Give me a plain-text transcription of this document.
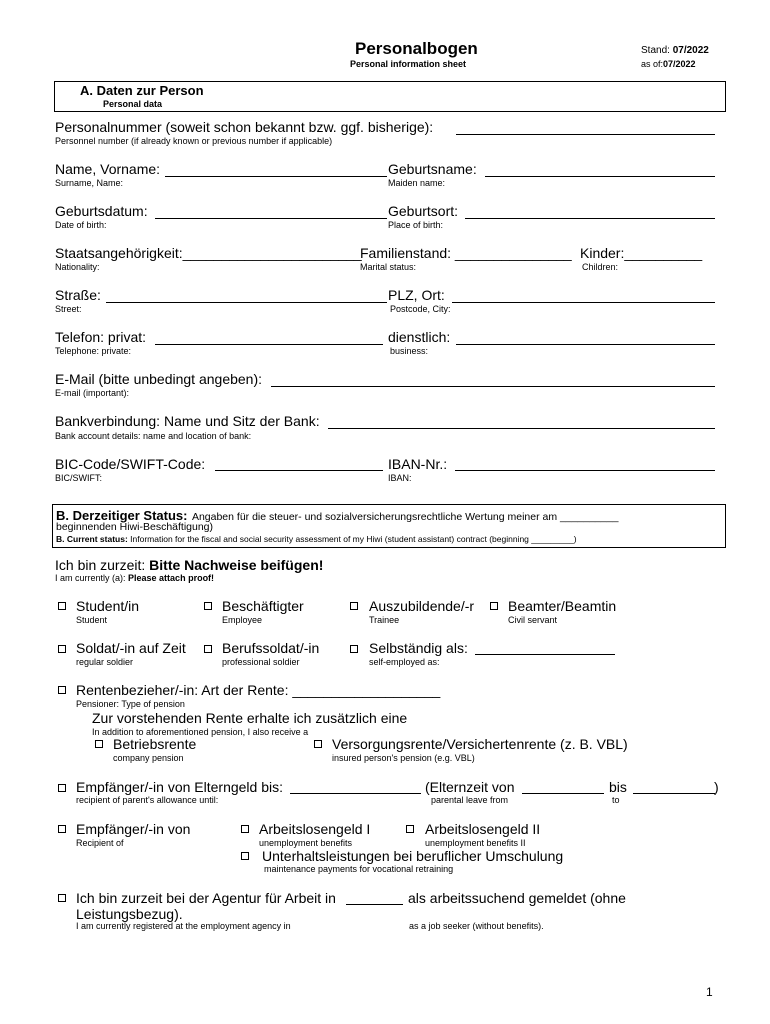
Personalbogen
Personal information sheet
Stand: 07/2022
as of:07/2022
A. Daten zur Person
Personal data
Personalnummer (soweit schon bekannt bzw. ggf. bisherige):
Personnel number (if already known or previous number if applicable)
Name, Vorname:
Surname, Name:
Geburtsname:
Maiden name:
Geburtsdatum:
Date of birth:
Geburtsort:
Place of birth:
Staatsangehörigkeit:_______________________
Nationality:
Familienstand: _______________
Marital status:
Kinder:__________
Children:
Straße:
Street:
PLZ, Ort:
Postcode, City:
Telefon: privat:
Telephone: private:
dienstlich:
business:
E-Mail (bitte unbedingt angeben):
E-mail (important):
Bankverbindung: Name und Sitz der Bank:
Bank account details: name and location of bank:
BIC-Code/SWIFT-Code:
BIC/SWIFT:
IBAN-Nr.:
IBAN:
B. Derzeitiger Status: Angaben für die steuer- und sozialversicherungsrechtliche Wertung meiner am __________
beginnenden Hiwi-Beschäftigung)
B. Current status: Information for the fiscal and social security assessment of my Hiwi (student assistant) contract (beginning _________)
Ich bin zurzeit: Bitte Nachweise beifügen!
I am currently (a): Please attach proof!
Student/in
Student
Beschäftigter
Employee
Auszubildende/-r
Trainee
Beamter/Beamtin
Civil servant
Soldat/-in auf Zeit
regular soldier
Berufssoldat/-in
professional soldier
Selbständig als:
self-employed as:
Rentenbezieher/-in: Art der Rente: ___________________
Pensioner: Type of pension
Zur vorstehenden Rente erhalte ich zusätzlich eine
In addition to aforementioned pension, I also receive a
Betriebsrente
company pension
Versorgungsrente/Versichertenrente (z. B. VBL)
insured person's pension (e.g. VBL)
Empfänger/-in von Elterngeld bis:
recipient of parent's allowance until:
(Elternzeit von
parental leave from
bis	)
to
Empfänger/-in von
Recipient of
Arbeitslosengeld I
unemployment benefits
Arbeitslosengeld II
unemployment benefits II
Unterhaltsleistungen bei beruflicher Umschulung
maintenance payments for vocational retraining
Ich bin zurzeit bei der Agentur für Arbeit in	als arbeitssuchend gemeldet (ohne
Leistungsbezug).
I am currently registered at the employment agency in	as a job seeker (without benefits).
1
